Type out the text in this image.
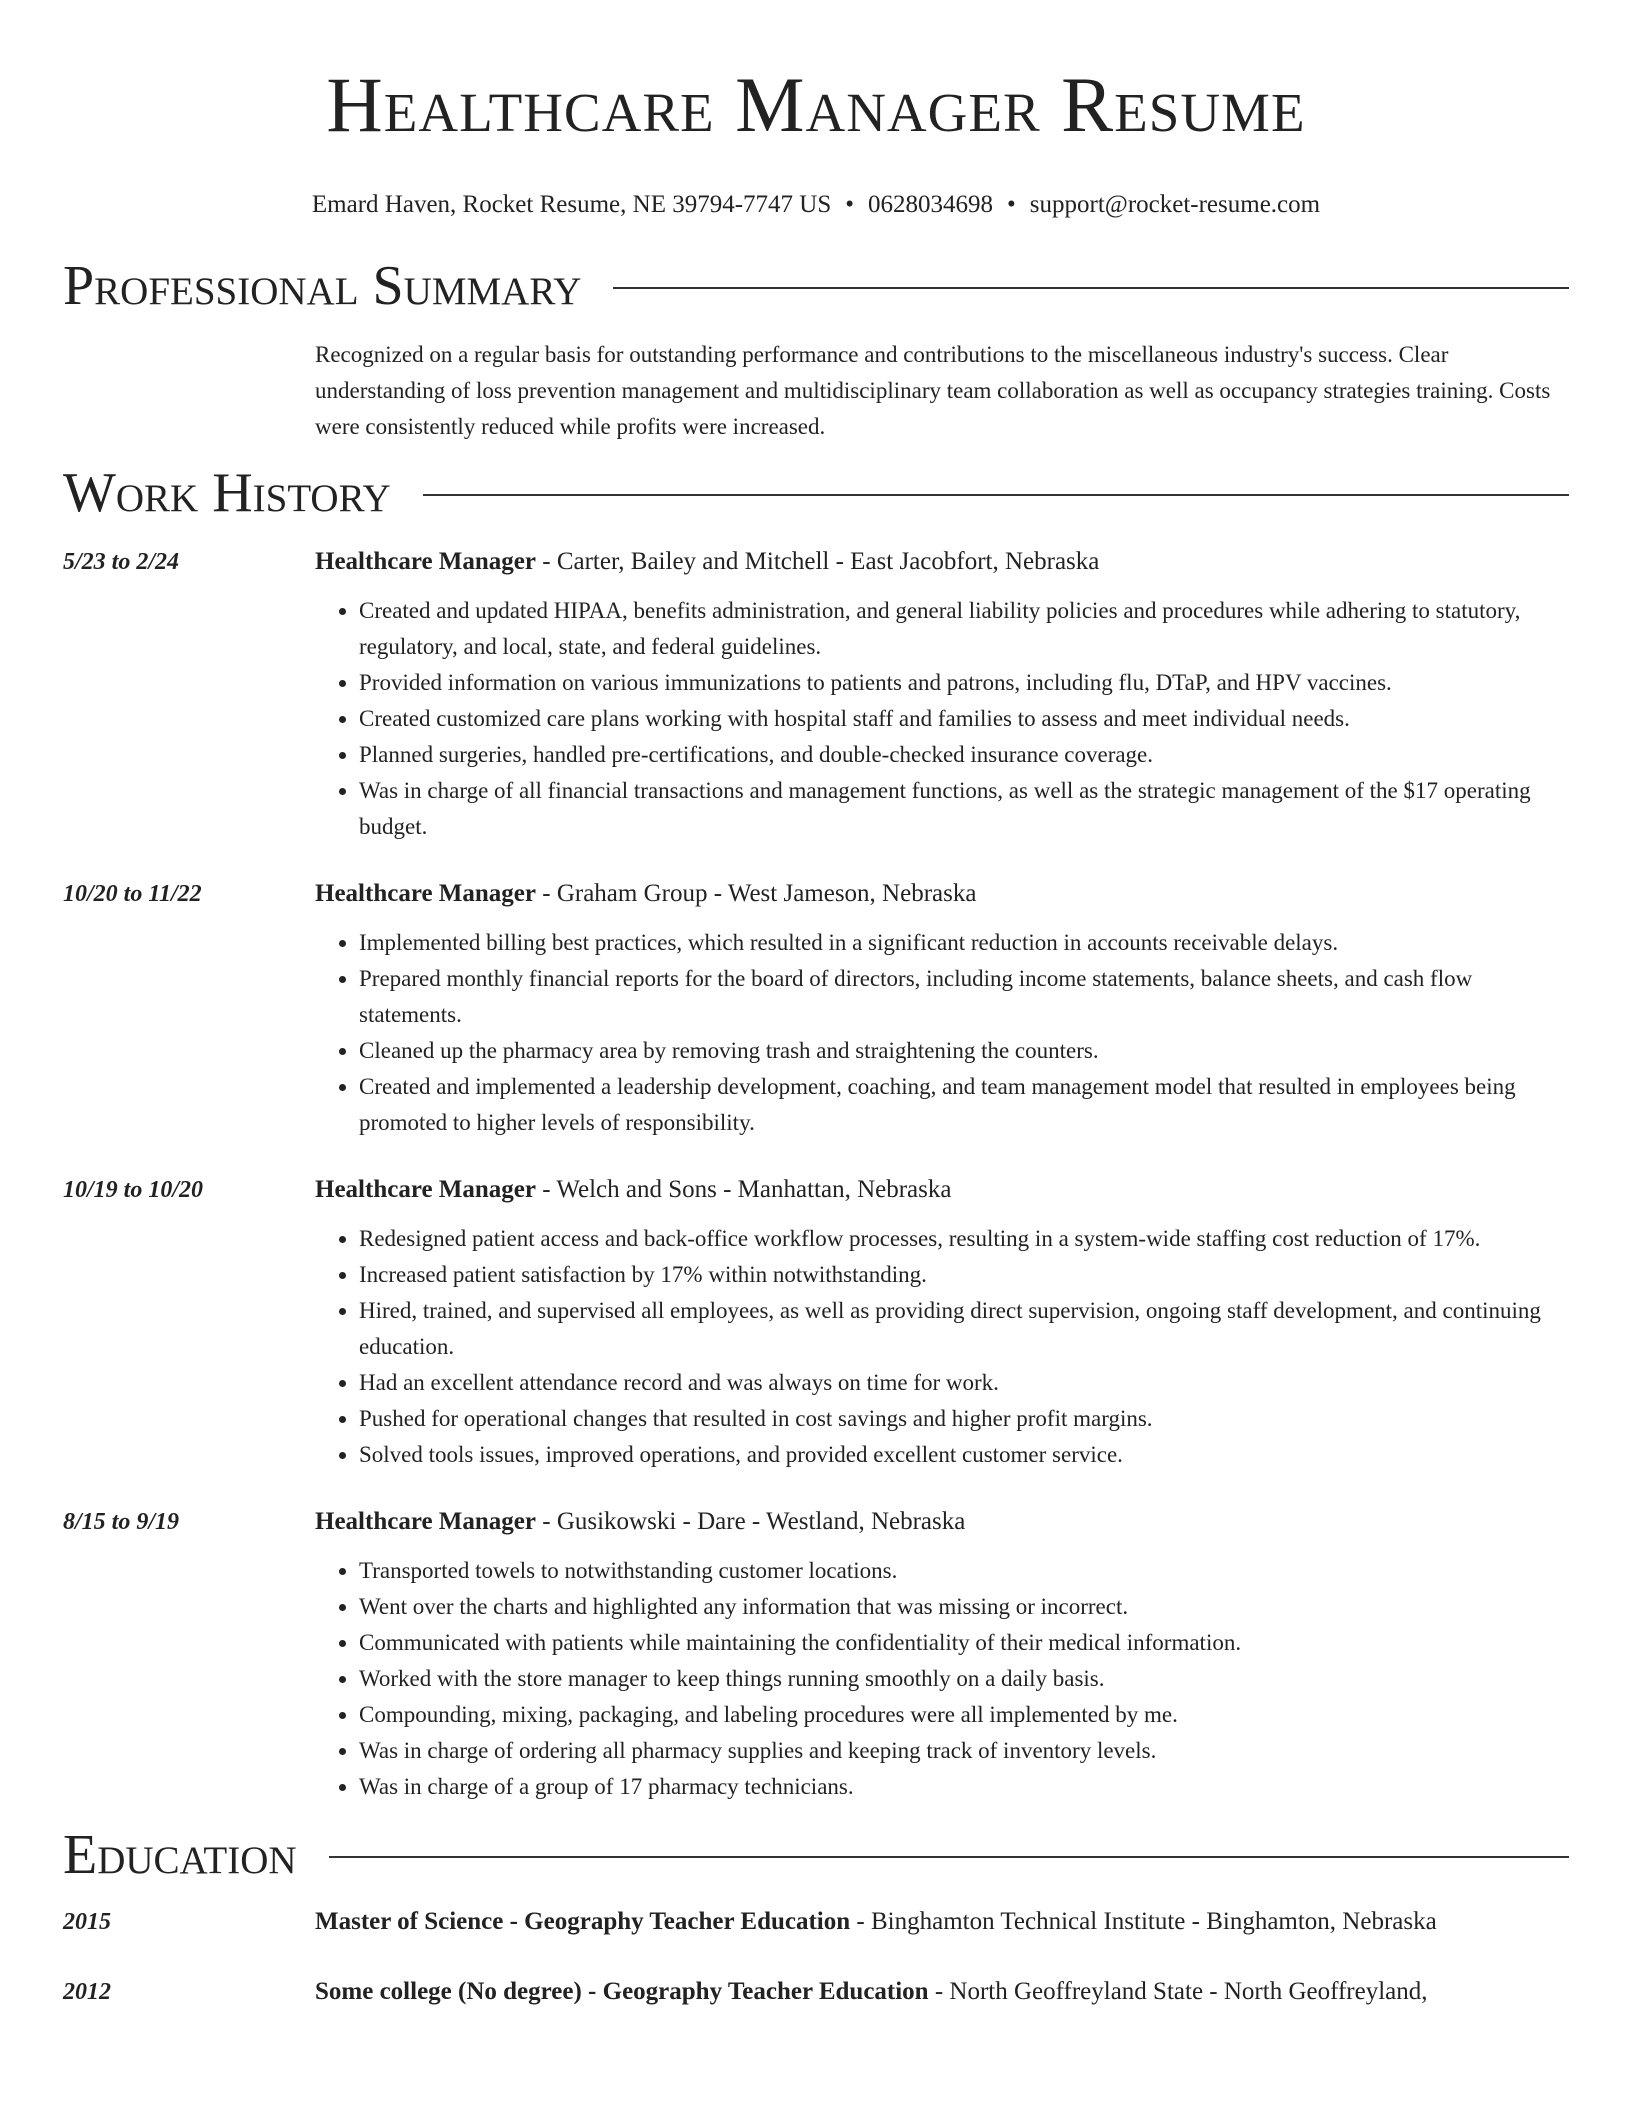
Healthcare Manager Resume
Emard Haven, Rocket Resume, NE 39794-7747 US • 0628034698 • support@rocket-resume.com
Professional Summary
Recognized on a regular basis for outstanding performance and contributions to the miscellaneous industry's success. Clear understanding of loss prevention management and multidisciplinary team collaboration as well as occupancy strategies training. Costs were consistently reduced while profits were increased.
Work History
5/23 to 2/24	Healthcare Manager - Carter, Bailey and Mitchell - East Jacobfort, Nebraska
• Created and updated HIPAA, benefits administration, and general liability policies and procedures while adhering to statutory, regulatory, and local, state, and federal guidelines.
• Provided information on various immunizations to patients and patrons, including flu, DTaP, and HPV vaccines.
• Created customized care plans working with hospital staff and families to assess and meet individual needs.
• Planned surgeries, handled pre-certifications, and double-checked insurance coverage.
• Was in charge of all financial transactions and management functions, as well as the strategic management of the $17 operating budget.
10/20 to 11/22	Healthcare Manager - Graham Group - West Jameson, Nebraska
• Implemented billing best practices, which resulted in a significant reduction in accounts receivable delays.
• Prepared monthly financial reports for the board of directors, including income statements, balance sheets, and cash flow statements.
• Cleaned up the pharmacy area by removing trash and straightening the counters.
• Created and implemented a leadership development, coaching, and team management model that resulted in employees being promoted to higher levels of responsibility.
10/19 to 10/20	Healthcare Manager - Welch and Sons - Manhattan, Nebraska
• Redesigned patient access and back-office workflow processes, resulting in a system-wide staffing cost reduction of 17%.
• Increased patient satisfaction by 17% within notwithstanding.
• Hired, trained, and supervised all employees, as well as providing direct supervision, ongoing staff development, and continuing education.
• Had an excellent attendance record and was always on time for work.
• Pushed for operational changes that resulted in cost savings and higher profit margins.
• Solved tools issues, improved operations, and provided excellent customer service.
8/15 to 9/19	Healthcare Manager - Gusikowski - Dare - Westland, Nebraska
• Transported towels to notwithstanding customer locations.
• Went over the charts and highlighted any information that was missing or incorrect.
• Communicated with patients while maintaining the confidentiality of their medical information.
• Worked with the store manager to keep things running smoothly on a daily basis.
• Compounding, mixing, packaging, and labeling procedures were all implemented by me.
• Was in charge of ordering all pharmacy supplies and keeping track of inventory levels.
• Was in charge of a group of 17 pharmacy technicians.
Education
2015	Master of Science - Geography Teacher Education - Binghamton Technical Institute - Binghamton, Nebraska
2012	Some college (No degree) - Geography Teacher Education - North Geoffreyland State - North Geoffreyland,
